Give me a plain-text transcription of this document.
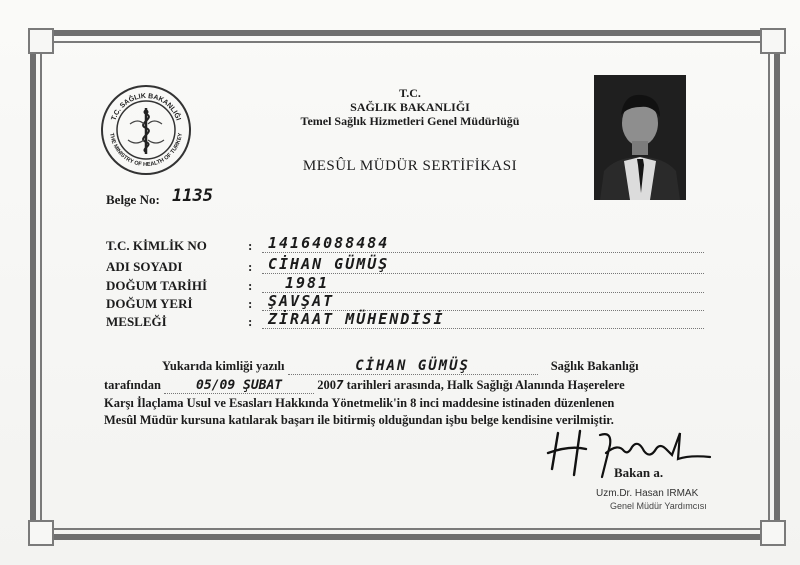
T.C. SAĞLIK BAKANLIĞI
THE MINISTRY OF HEALTH OF TURKEY
T.C.
SAĞLIK BAKANLIĞI
Temel Sağlık Hizmetleri Genel Müdürlüğü
MESÛL MÜDÜR SERTİFİKASI
Belge No: 1135
T.C. KİMLİK NO	: 14164088484
ADI SOYADI	: CİHAN GÜMÜŞ
DOĞUM TARİHİ	: 1981
DOĞUM YERİ	: ŞAVŞAT
MESLEĞİ	: ZİRAAT MÜHENDİSİ
Yukarıda kimliği yazılı	CİHAN GÜMÜŞ	Sağlık Bakanlığı
tarafından	05/09 ŞUBAT	2007 tarihleri arasında, Halk Sağlığı Alanında Haşerelere
Karşı İlaçlama Usul ve Esasları Hakkında Yönetmelik'in 8 inci maddesine istinaden düzenlenen
Mesûl Müdür kursuna katılarak başarı ile bitirmiş olduğundan işbu belge kendisine verilmiştir.
Bakan a.
Uzm.Dr. Hasan IRMAK
Genel Müdür Yardımcısı
